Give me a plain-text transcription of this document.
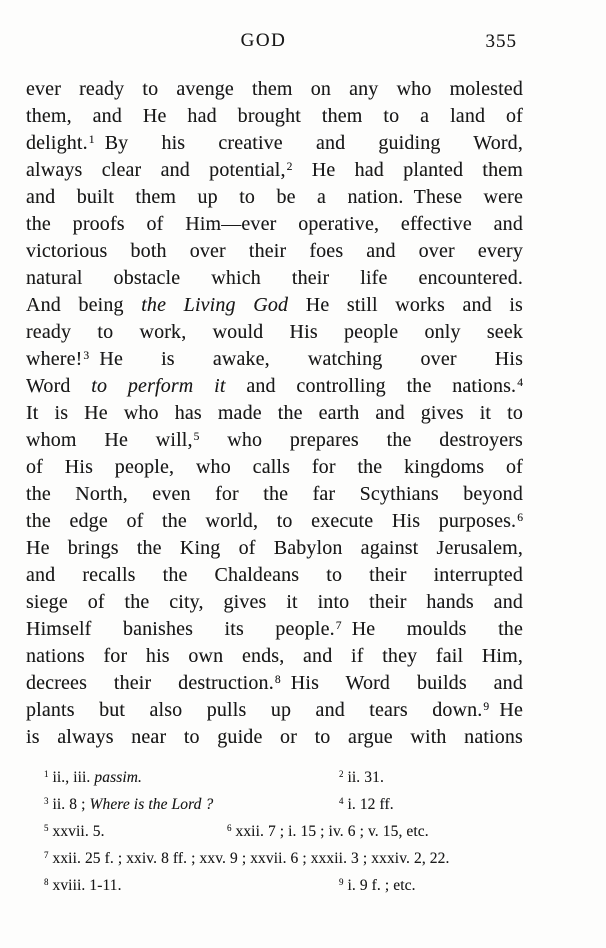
GOD	355
ever ready to avenge them on any who molested
them, and He had brought them to a land of
delight.$^1$ By his creative and guiding Word,
always clear and potential,$^2$ He had planted them
and built them up to be a nation. These were
the proofs of Him—ever operative, effective and
victorious both over their foes and over every
natural obstacle which their life encountered.
And being the Living God He still works and is
ready to work, would His people only seek
where!$^3$ He is awake, watching over His
Word to perform it and controlling the nations.$^4$
It is He who has made the earth and gives it to
whom He will,$^5$ who prepares the destroyers
of His people, who calls for the kingdoms of
the North, even for the far Scythians beyond
the edge of the world, to execute His purposes.$^6$
He brings the King of Babylon against Jerusalem,
and recalls the Chaldeans to their interrupted
siege of the city, gives it into their hands and
Himself banishes its people.$^7$ He moulds the
nations for his own ends, and if they fail Him,
decrees their destruction.$^8$ His Word builds and
plants but also pulls up and tears down.$^9$ He
is always near to guide or to argue with nations
$^1$ ii., iii. passim.	$^2$ ii. 31.
$^3$ ii. 8 ; Where is the Lord ?	$^4$ i. 12 ff.
$^5$ xxvii. 5.	$^6$ xxii. 7 ; i. 15 ; iv. 6 ; v. 15, etc.
$^7$ xxii. 25 f. ; xxiv. 8 ff. ; xxv. 9 ; xxvii. 6 ; xxxii. 3 ; xxxiv. 2, 22.
$^8$ xviii. 1-11.	$^9$ i. 9 f. ; etc.
